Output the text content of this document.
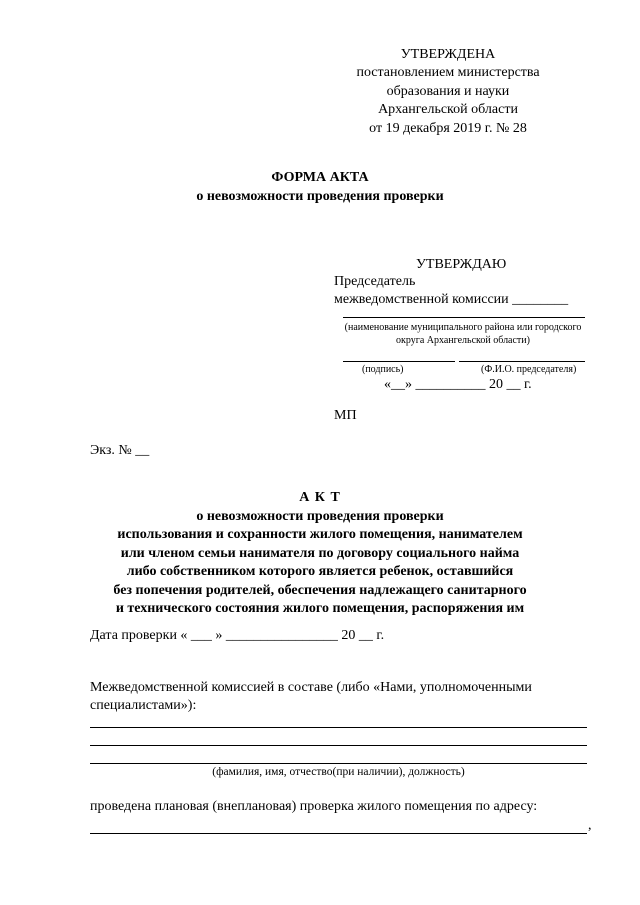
УТВЕРЖДЕНА
постановлением министерства
образования и науки
Архангельской области
от 19 декабря 2019 г. № 28
ФОРМА АКТА
о невозможности проведения проверки
УТВЕРЖДАЮ
Председатель
межведомственной комиссии ________
(наименование муниципального района или городского
округа Архангельской области)
(подпись)	(Ф.И.О. председателя)
«__» __________ 20 __ г.
МП
Экз. № __
А К Т
о невозможности проведения проверки
использования и сохранности жилого помещения, нанимателем
или членом семьи нанимателя по договору социального найма
либо собственником которого является ребенок, оставшийся
без попечения родителей, обеспечения надлежащего санитарного
и технического состояния жилого помещения, распоряжения им
Дата проверки « ___ » ________________ 20 __ г.
Межведомственной комиссией в составе (либо «Нами, уполномоченными
специалистами»):
(фамилия, имя, отчество(при наличии), должность)
проведена плановая (внеплановая) проверка жилого помещения по адресу:
,
